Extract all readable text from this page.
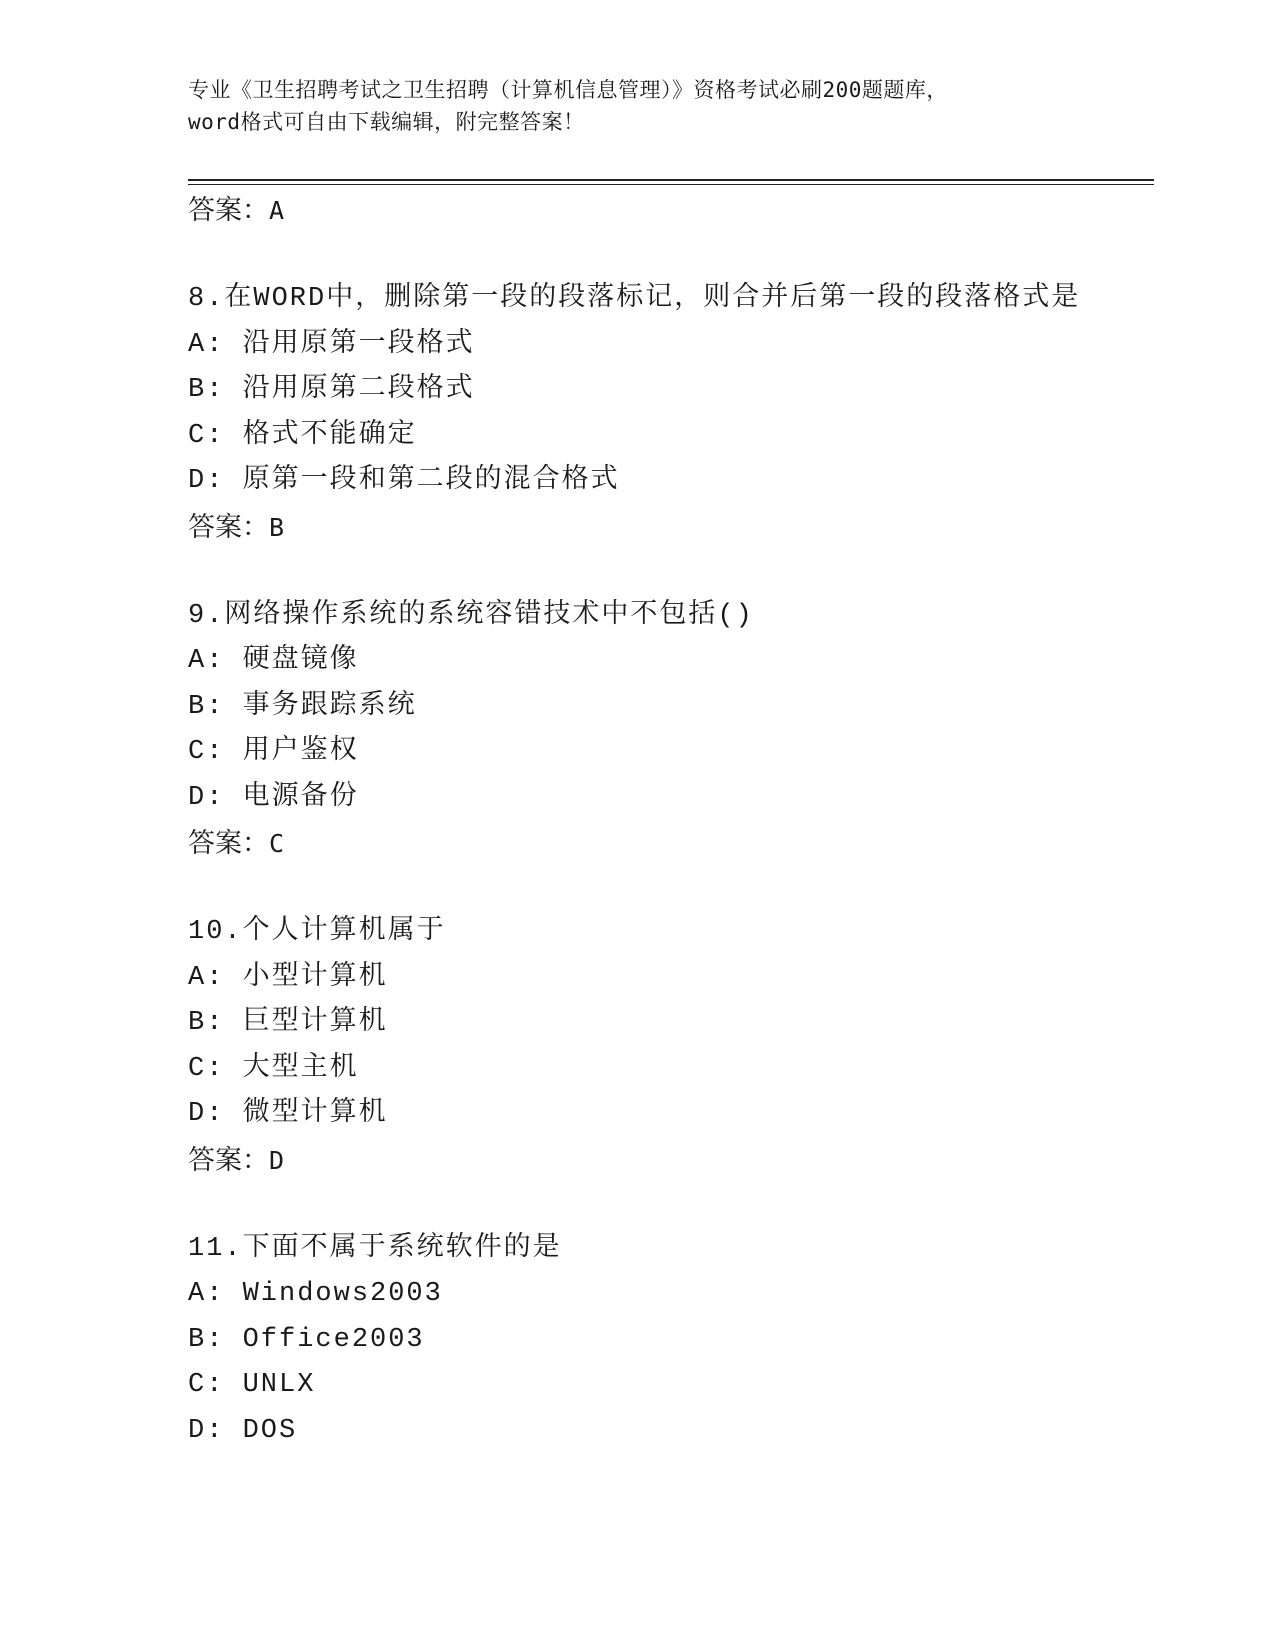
专业《卫生招聘考试之卫生招聘（计算机信息管理）》资格考试必刷200题题库，
word格式可自由下载编辑，附完整答案！
答案：A
8.在WORD中，删除第一段的段落标记，则合并后第一段的段落格式是
A: 沿用原第一段格式
B: 沿用原第二段格式
C: 格式不能确定
D: 原第一段和第二段的混合格式
答案：B
9.网络操作系统的系统容错技术中不包括()
A: 硬盘镜像
B: 事务跟踪系统
C: 用户鉴权
D: 电源备份
答案：C
10.个人计算机属于
A: 小型计算机
B: 巨型计算机
C: 大型主机
D: 微型计算机
答案：D
11.下面不属于系统软件的是
A: Windows2003
B: Office2003
C: UNLX
D: DOS
